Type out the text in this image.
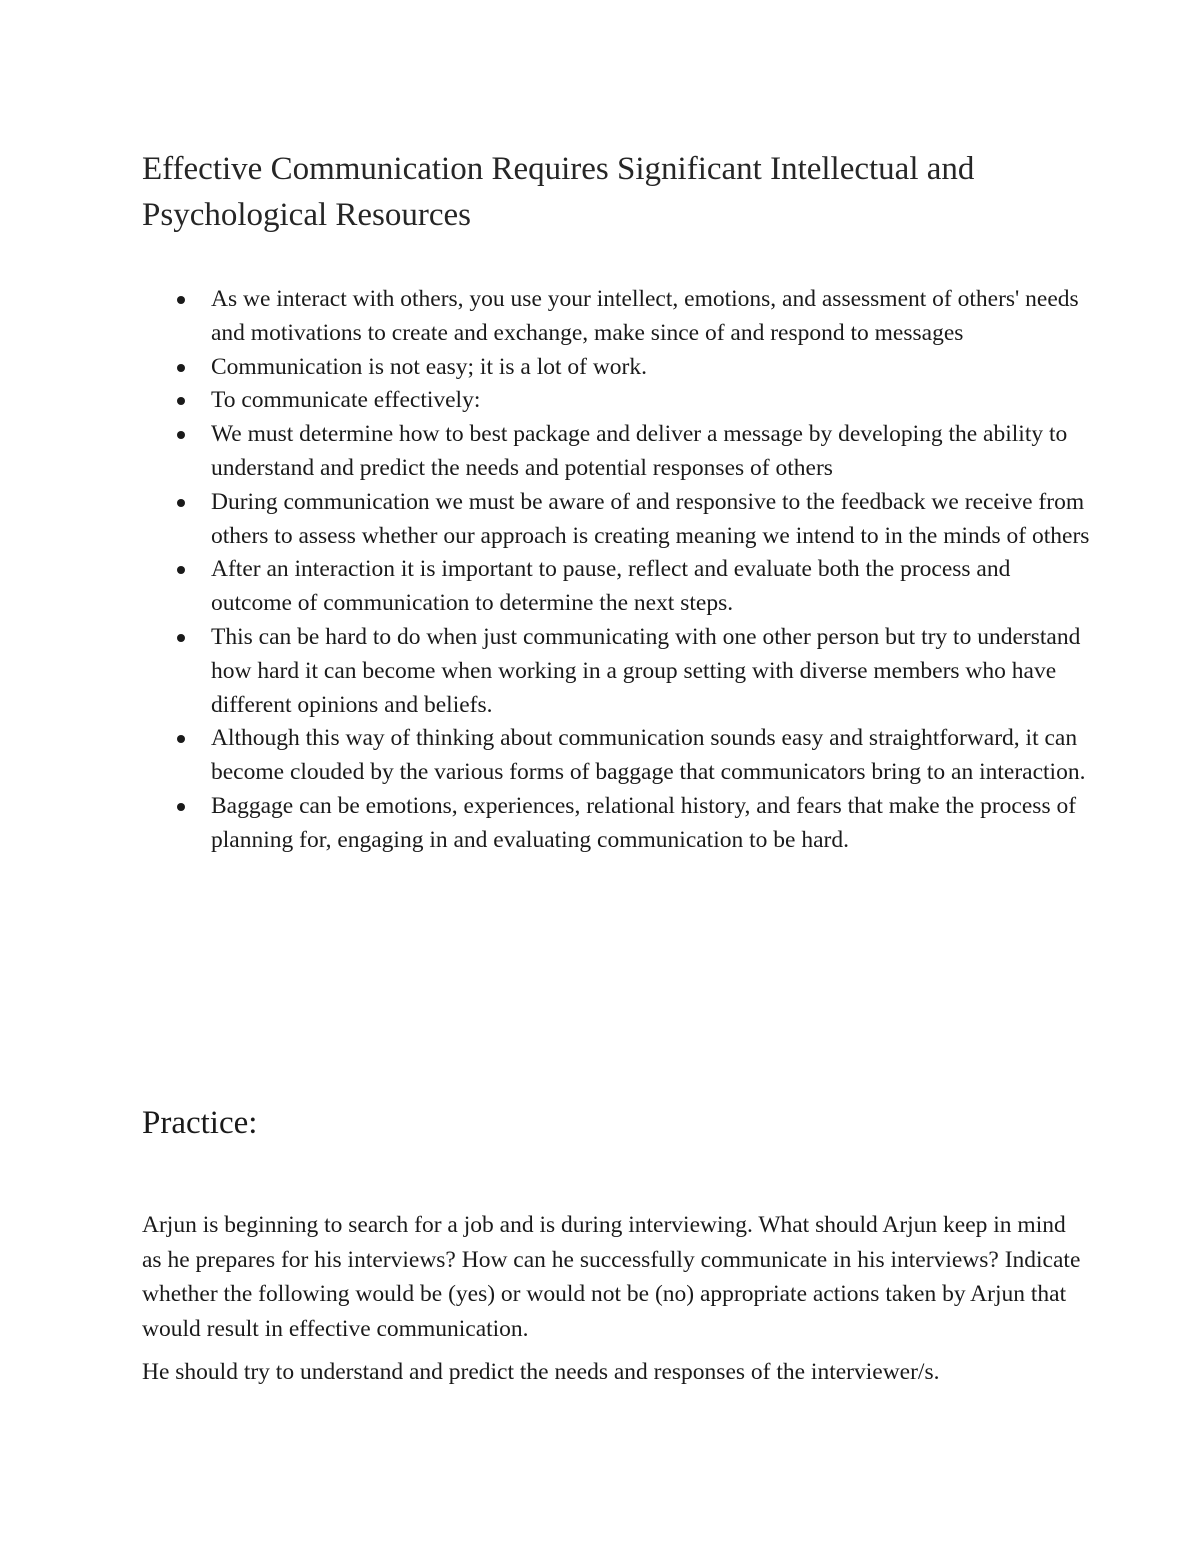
Effective Communication Requires Significant Intellectual and Psychological Resources
As we interact with others, you use your intellect, emotions, and assessment of others' needs and motivations to create and exchange, make since of and respond to messages
Communication is not easy; it is a lot of work.
To communicate effectively:
We must determine how to best package and deliver a message by developing the ability to understand and predict the needs and potential responses of others
During communication we must be aware of and responsive to the feedback we receive from others to assess whether our approach is creating meaning we intend to in the minds of others
After an interaction it is important to pause, reflect and evaluate both the process and outcome of communication to determine the next steps.
This can be hard to do when just communicating with one other person but try to understand how hard it can become when working in a group setting with diverse members who have different opinions and beliefs.
Although this way of thinking about communication sounds easy and straightforward, it can become clouded by the various forms of baggage that communicators bring to an interaction.
Baggage can be emotions, experiences, relational history, and fears that make the process of planning for, engaging in and evaluating communication to be hard.
Practice:

Arjun is beginning to search for a job and is during interviewing. What should Arjun keep in mind as he prepares for his interviews? How can he successfully communicate in his interviews? Indicate whether the following would be (yes) or would not be (no) appropriate actions taken by Arjun that would result in effective communication.

He should try to understand and predict the needs and responses of the interviewer/s.
